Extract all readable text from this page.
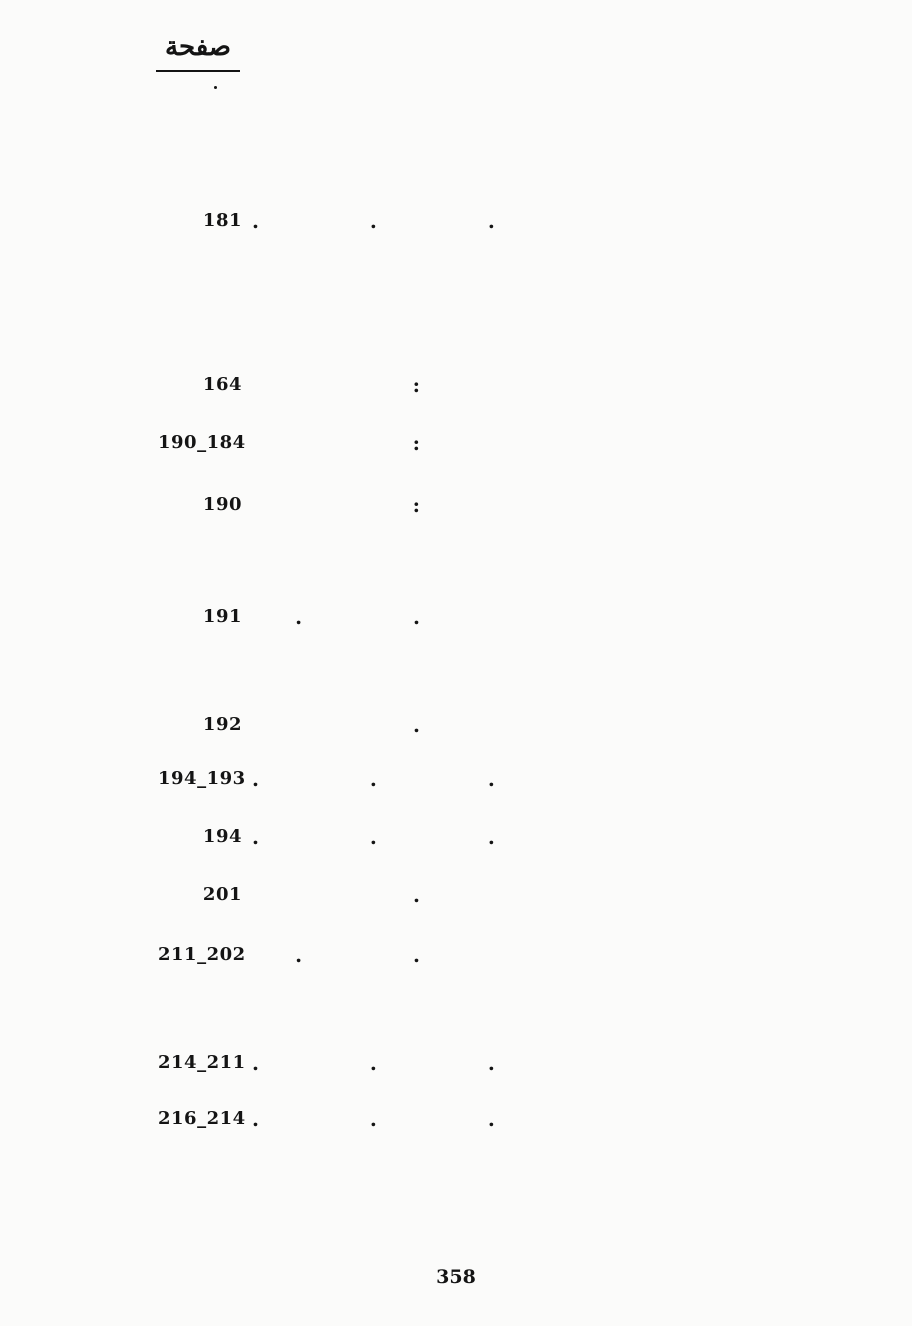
صفحة
. . .
181
:
164
:
190_184
:
190
. .
191
.
192
. . .
194_193
. . .
194
.
201
. .
211_202
. . .
214_211
. . .
216_214
358
